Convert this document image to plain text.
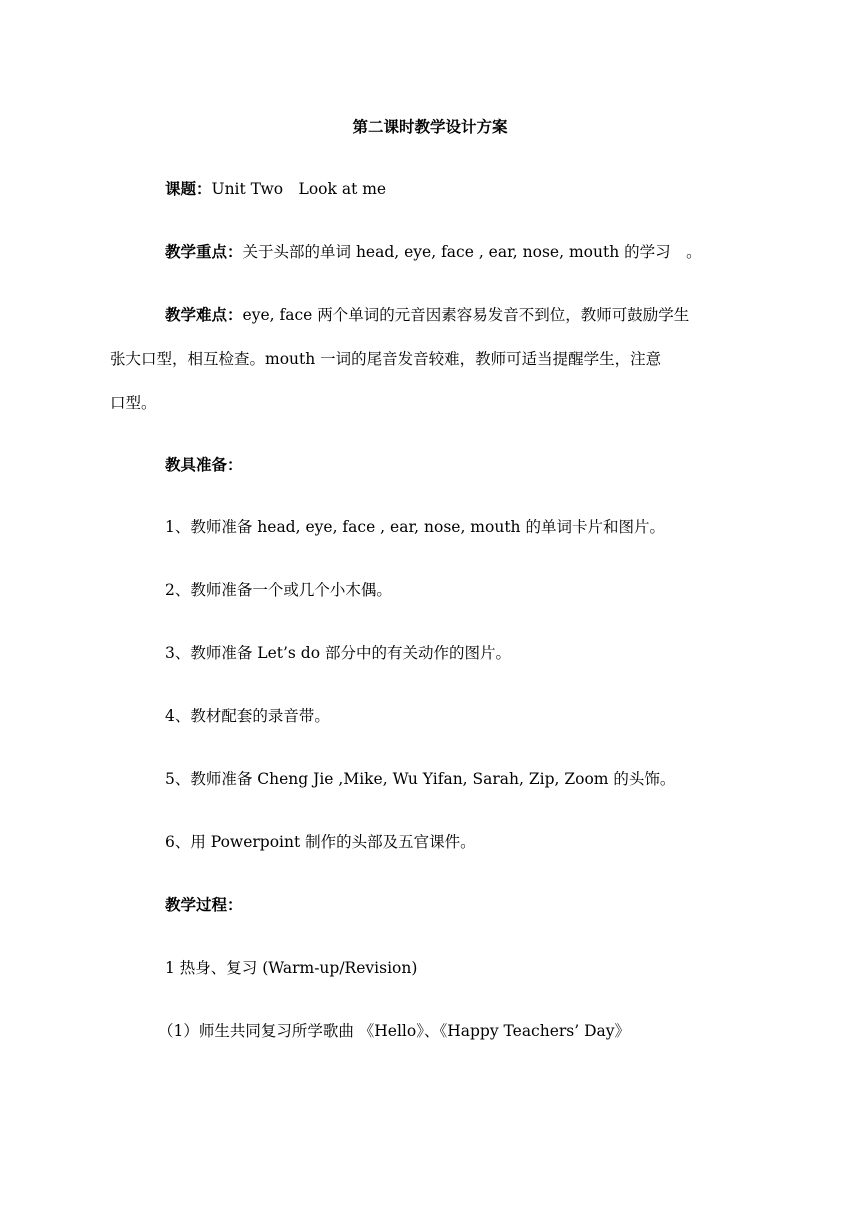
第二课时教学设计方案
课题：Unit Two　Look at me
教学重点：关于头部的单词 head, eye, face , ear, nose, mouth 的学习　。
教学难点：eye, face 两个单词的元音因素容易发音不到位，教师可鼓励学生
张大口型，相互检查。mouth 一词的尾音发音较难，教师可适当提醒学生，注意
口型。
教具准备：
1、教师准备 head, eye, face , ear, nose, mouth 的单词卡片和图片。
2、教师准备一个或几个小木偶。
3、教师准备 Let’s do 部分中的有关动作的图片。
4、教材配套的录音带。
5、教师准备 Cheng Jie ,Mike, Wu Yifan, Sarah, Zip, Zoom 的头饰。
6、用 Powerpoint 制作的头部及五官课件。
教学过程：
1 热身、复习 (Warm-up/Revision)
（1）师生共同复习所学歌曲 《Hello》、《Happy Teachers’ Day》
